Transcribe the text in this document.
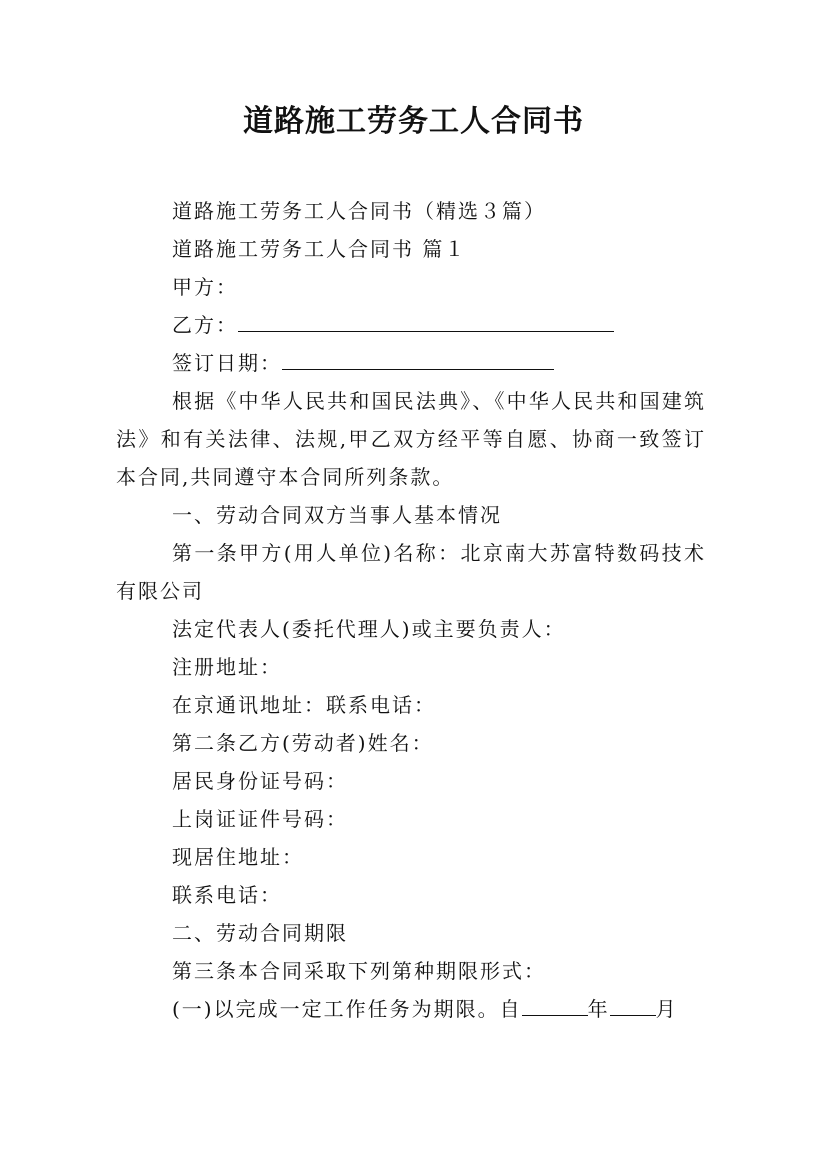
道路施工劳务工人合同书

道路施工劳务工人合同书（精选３篇）

道路施工劳务工人合同书 篇１

甲方：

乙方：

签订日期：

根据《中华人民共和国民法典》、《中华人民共和国建筑法》和有关法律、法规,甲乙双方经平等自愿、协商一致签订本合同,共同遵守本合同所列条款。

一、劳动合同双方当事人基本情况

第一条甲方(用人单位)名称：北京南大苏富特数码技术有限公司

法定代表人(委托代理人)或主要负责人：

注册地址：

在京通讯地址：联系电话：

第二条乙方(劳动者)姓名：

居民身份证号码：

上岗证证件号码：

现居住地址：

联系电话：

二、劳动合同期限

第三条本合同采取下列第种期限形式：

(一)以完成一定工作任务为期限。自	年 月
